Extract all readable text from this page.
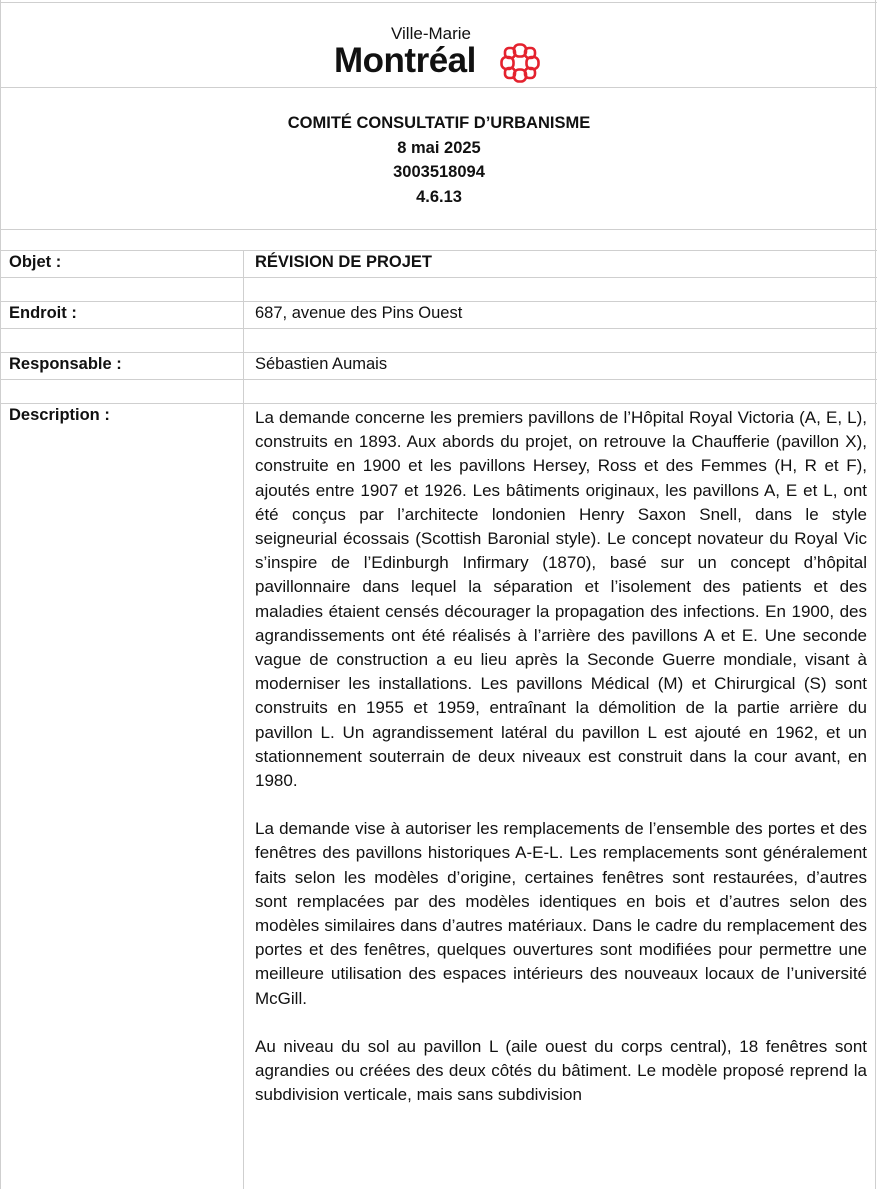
Ville-Marie
Montréal
COMITÉ CONSULTATIF D’URBANISME
8 mai 2025
3003518094
4.6.13
Objet :	RÉVISION DE PROJET
Endroit :	687, avenue des Pins Ouest
Responsable :	Sébastien Aumais
Description :	La demande concerne les premiers pavillons de l’Hôpital Royal Victoria (A, E, L), construits en 1893. Aux abords du projet, on retrouve la Chaufferie (pavillon X), construite en 1900 et les pavillons Hersey, Ross et des Femmes (H, R et F), ajoutés entre 1907 et 1926. Les bâtiments originaux, les pavillons A, E et L, ont été conçus par l’architecte londonien Henry Saxon Snell, dans le style seigneurial écossais (Scottish Baronial style). Le concept novateur du Royal Vic s’inspire de l’Edinburgh Infirmary (1870), basé sur un concept d’hôpital pavillonnaire dans lequel la séparation et l’isolement des patients et des maladies étaient censés décourager la propagation des infections. En 1900, des agrandissements ont été réalisés à l’arrière des pavillons A et E. Une seconde vague de construction a eu lieu après la Seconde Guerre mondiale, visant à moderniser les installations. Les pavillons Médical (M) et Chirurgical (S) sont construits en 1955 et 1959, entraînant la démolition de la partie arrière du pavillon L. Un agrandissement latéral du pavillon L est ajouté en 1962, et un stationnement souterrain de deux niveaux est construit dans la cour avant, en 1980.

La demande vise à autoriser les remplacements de l’ensemble des portes et des fenêtres des pavillons historiques A-E-L. Les remplacements sont généralement faits selon les modèles d’origine, certaines fenêtres sont restaurées, d’autres sont remplacées par des modèles identiques en bois et d’autres selon des modèles similaires dans d’autres matériaux. Dans le cadre du remplacement des portes et des fenêtres, quelques ouvertures sont modifiées pour permettre une meilleure utilisation des espaces intérieurs des nouveaux locaux de l’université McGill.

Au niveau du sol au pavillon L (aile ouest du corps central), 18 fenêtres sont agrandies ou créées des deux côtés du bâtiment. Le modèle proposé reprend la subdivision verticale, mais sans subdivision
